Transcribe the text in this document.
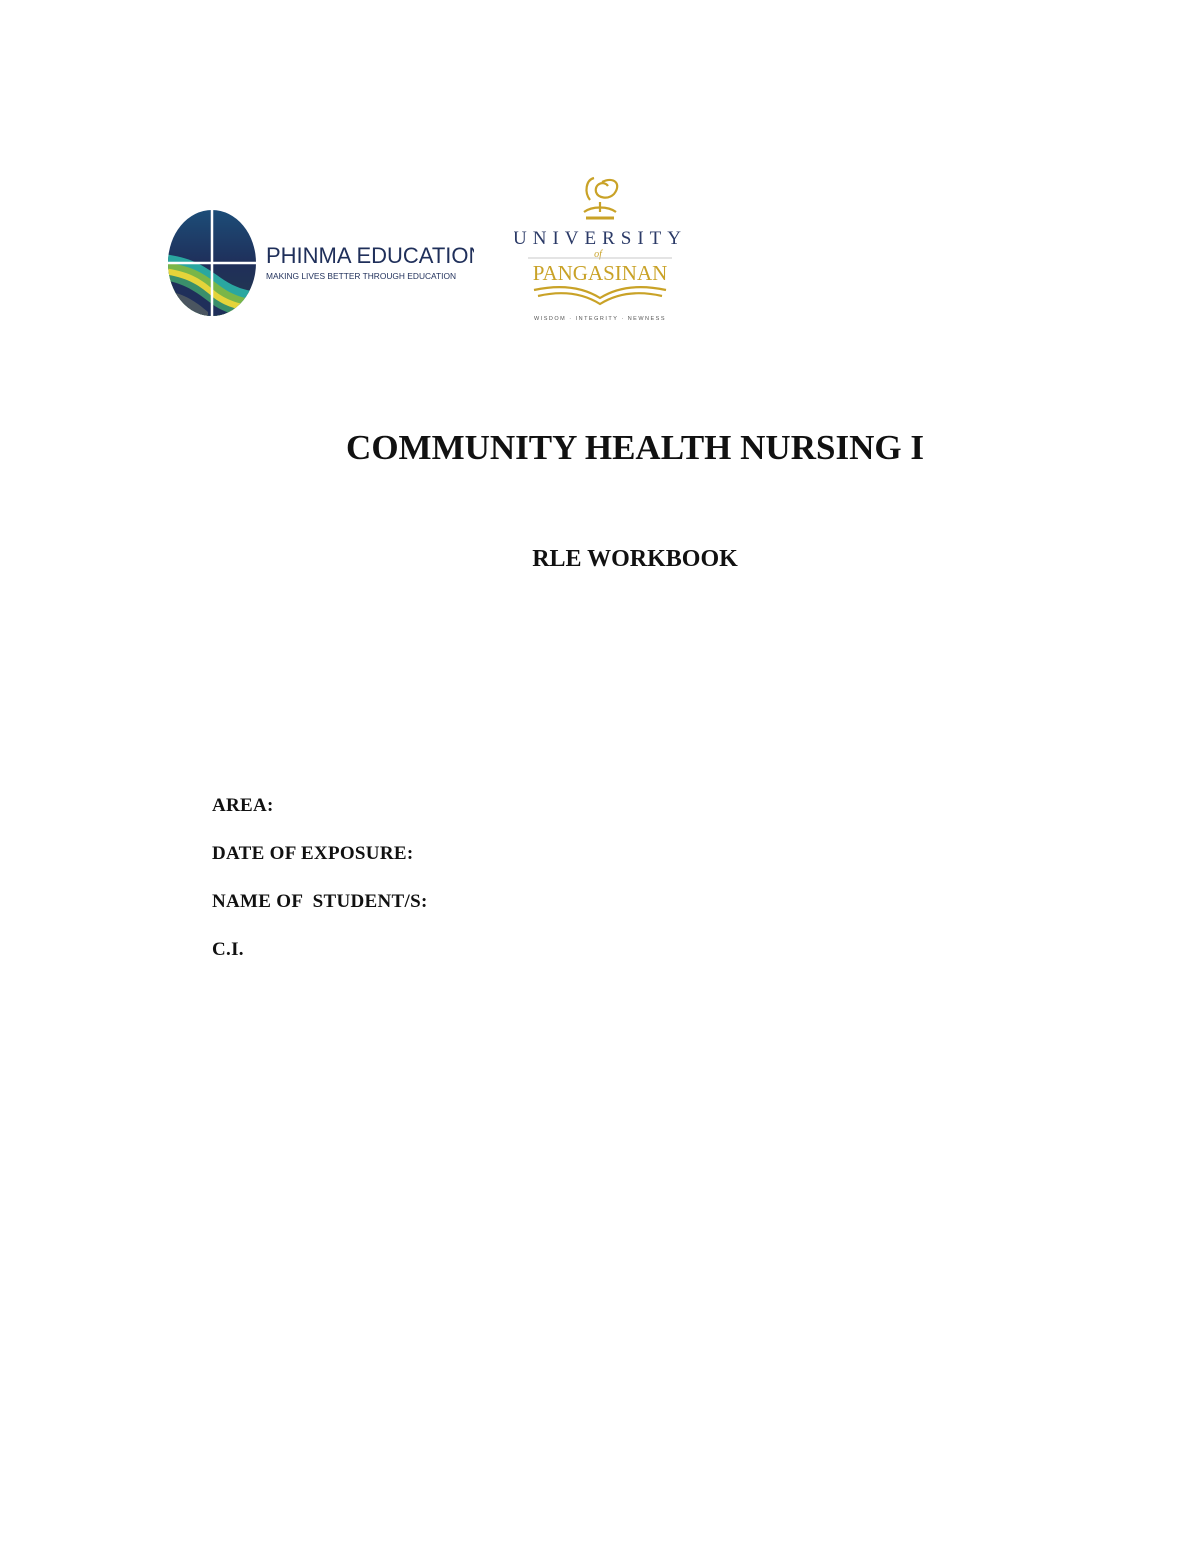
PHINMA EDUCATION
MAKING LIVES BETTER THROUGH EDUCATION
UNIVERSITY
of
PANGASINAN
WISDOM · INTEGRITY · NEWNESS
COMMUNITY HEALTH NURSING I
RLE WORKBOOK
AREA:
DATE OF EXPOSURE:
NAME OF  STUDENT/S:
C.I.
